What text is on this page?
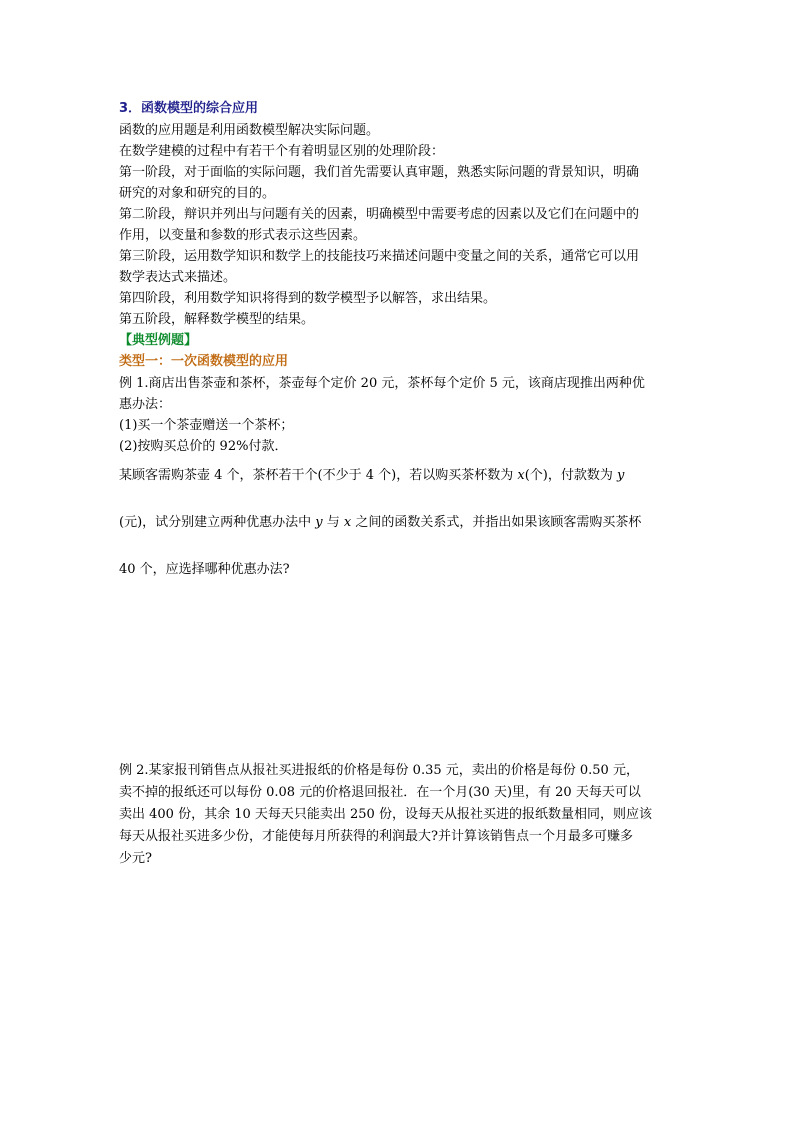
3．函数模型的综合应用

函数的应用题是利用函数模型解决实际问题。

在数学建模的过程中有若干个有着明显区别的处理阶段：

第一阶段，对于面临的实际问题，我们首先需要认真审题，熟悉实际问题的背景知识，明确

研究的对象和研究的目的。

第二阶段，辩识并列出与问题有关的因素，明确模型中需要考虑的因素以及它们在问题中的

作用，以变量和参数的形式表示这些因素。

第三阶段，运用数学知识和数学上的技能技巧来描述问题中变量之间的关系，通常它可以用

数学表达式来描述。

第四阶段，利用数学知识将得到的数学模型予以解答，求出结果。

第五阶段，解释数学模型的结果。

【典型例题】

类型一：一次函数模型的应用

例 1.商店出售茶壶和茶杯，茶壶每个定价 20 元，茶杯每个定价 5 元，该商店现推出两种优

惠办法：

(1)买一个茶壶赠送一个茶杯；

(2)按购买总价的 92%付款．

某顾客需购茶壶 4 个，茶杯若干个(不少于 4 个)，若以购买茶杯数为 x(个)，付款数为 y

(元)，试分别建立两种优惠办法中 y 与 x 之间的函数关系式，并指出如果该顾客需购买茶杯

40 个，应选择哪种优惠办法?

例 2.某家报刊销售点从报社买进报纸的价格是每份 0.35 元，卖出的价格是每份 0.50 元，

卖不掉的报纸还可以每份 0.08 元的价格退回报社．在一个月(30 天)里，有 20 天每天可以

卖出 400 份，其余 10 天每天只能卖出 250 份，设每天从报社买进的报纸数量相同，则应该

每天从报社买进多少份，才能使每月所获得的利润最大?并计算该销售点一个月最多可赚多

少元?
